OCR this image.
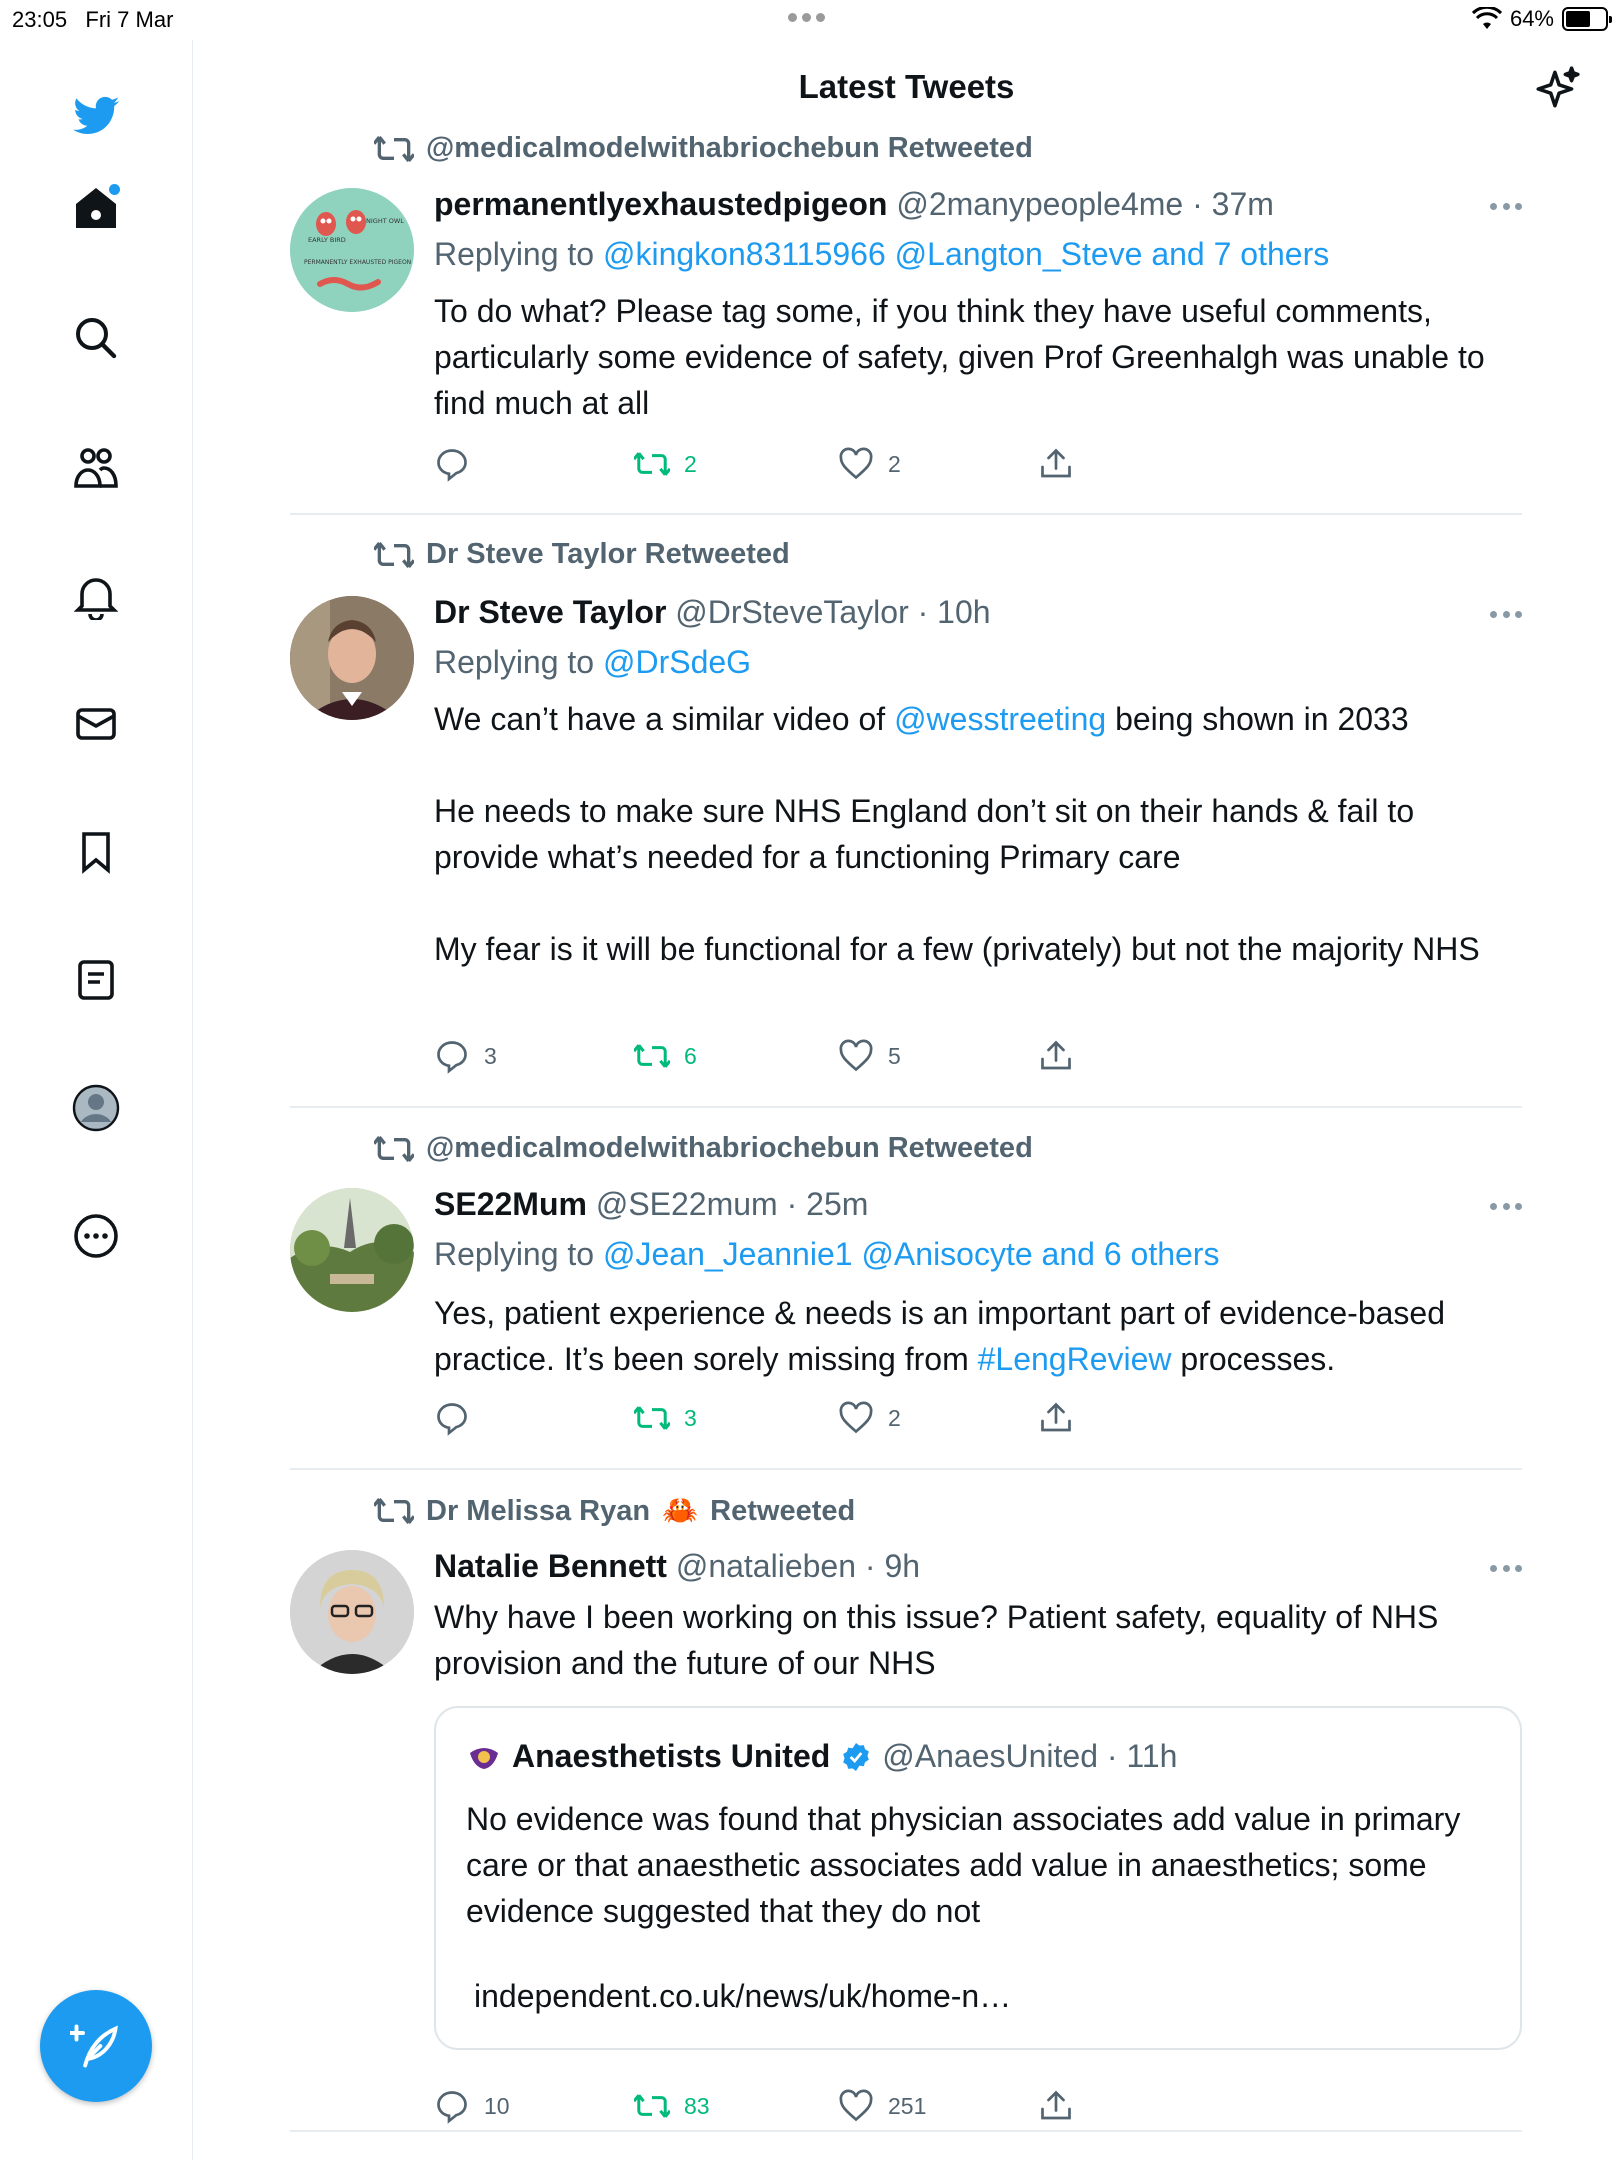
23:05 Fri 7 Mar	64%
Latest Tweets
@medicalmodelwithabriochebun Retweeted
EARLY BIRD
NIGHT OWL
PERMANENTLY EXHAUSTED PIGEON
permanentlyexhaustedpigeon @2manypeople4me · 37m
Replying to @kingkon83115966 @Langton_Steve and 7 others
To do what? Please tag some, if you think they have useful comments, particularly some evidence of safety, given Prof Greenhalgh was unable to find much at all
2	2
Dr Steve Taylor Retweeted
Dr Steve Taylor @DrSteveTaylor · 10h
Replying to @DrSdeG
We can’t have a similar video of @wesstreeting being shown in 2033

He needs to make sure NHS England don’t sit on their hands & fail to provide what’s needed for a functioning Primary care

My fear is it will be functional for a few (privately) but not the majority NHS
3	6	5
@medicalmodelwithabriochebun Retweeted
SE22Mum @SE22mum · 25m
Replying to @Jean_Jeannie1 @Anisocyte and 6 others
Yes, patient experience & needs is an important part of evidence-based practice. It’s been sorely missing from #LengReview processes.
3	2
Dr Melissa Ryan 🦀 Retweeted
Natalie Bennett @natalieben · 9h
Why have I been working on this issue? Patient safety, equality of NHS provision and the future of our NHS
Anaesthetists United @AnaesUnited · 11h
No evidence was found that physician associates add value in primary care or that anaesthetic associates add value in anaesthetics; some evidence suggested that they do not
independent.co.uk/news/uk/home-n…
10	83	251
